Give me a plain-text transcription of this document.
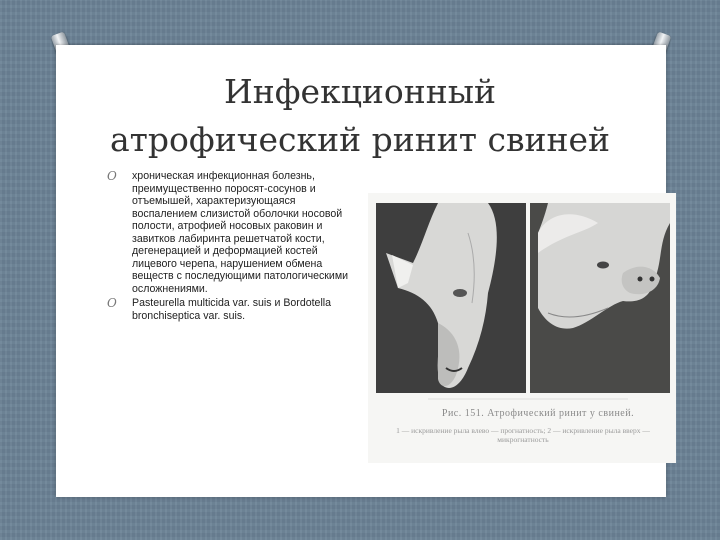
Инфекционный
атрофический ринит свиней
O хроническая инфекционная болезнь, преимущественно поросят-сосунов и отъемышей, характеризующаяся воспалением слизистой оболочки носовой полости, атрофией носовых раковин и завитков лабиринта решетчатой кости, дегенерацией и деформацией костей лицевого черепа, нарушением обмена веществ с последующими патологическими осложнениями.
O Pasteurella multicida var. suis и Bordotella bronchiseptica var. suis.
Рис. 151. Атрофический ринит у свиней.
1 — искривление рыла влево — прогнатность; 2 — искривление рыла вверх — микрогнатность
